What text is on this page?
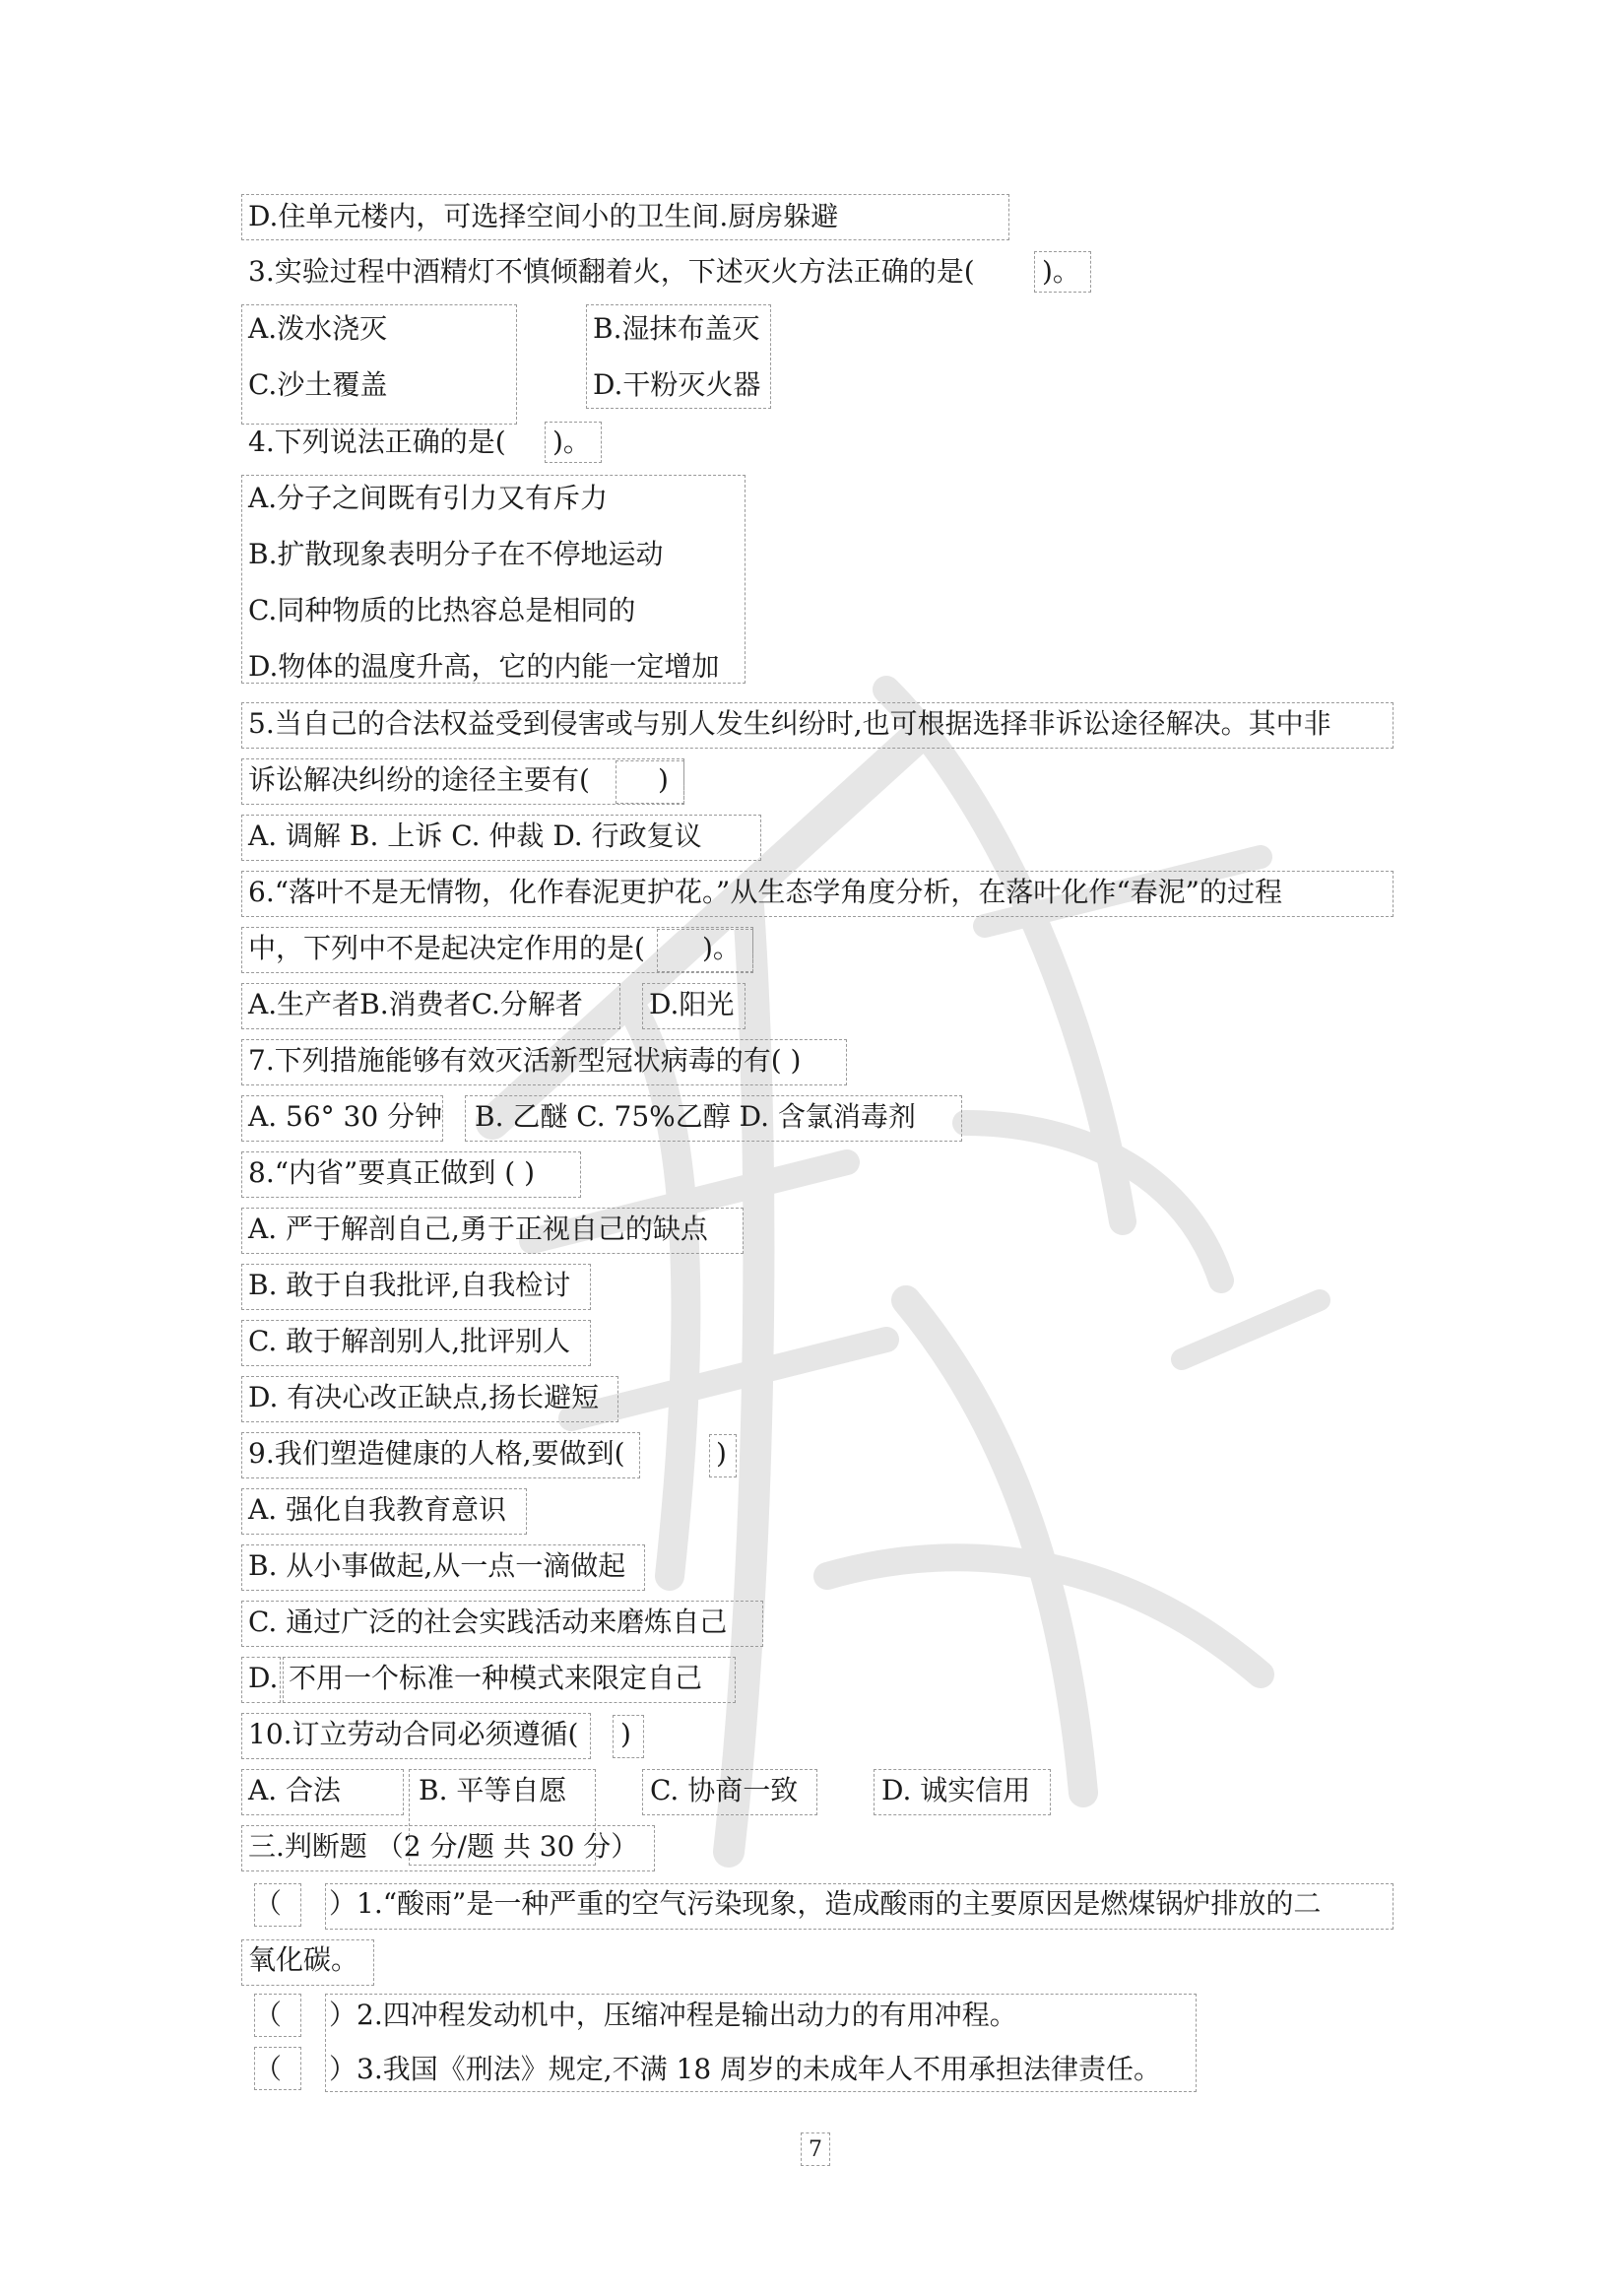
D.住单元楼内，可选择空间小的卫生间.厨房躲避
3.实验过程中酒精灯不慎倾翻着火，下述灭火方法正确的是( )。
A.泼水浇灭
C.沙土覆盖
B.湿抹布盖灭
D.干粉灭火器
4.下列说法正确的是( )。
A.分子之间既有引力又有斥力
B.扩散现象表明分子在不停地运动
C.同种物质的比热容总是相同的
D.物体的温度升高，它的内能一定增加
5.当自己的合法权益受到侵害或与别人发生纠纷时,也可根据选择非诉讼途径解决。其中非
诉讼解决纠纷的途径主要有( )
A. 调解 B. 上诉 C. 仲裁 D. 行政复议
6.“落叶不是无情物，化作春泥更护花。”从生态学角度分析，在落叶化作“春泥”的过程
中，下列中不是起决定作用的是( )。
A.生产者B.消费者C.分解者 D.阳光
7.下列措施能够有效灭活新型冠状病毒的有( )
A. 56° 30 分钟 B. 乙醚 C. 75%乙醇 D. 含氯消毒剂
8.“内省”要真正做到 ( )
A. 严于解剖自己,勇于正视自己的缺点
B. 敢于自我批评,自我检讨
C. 敢于解剖别人,批评别人
D. 有决心改正缺点,扬长避短
9.我们塑造健康的人格,要做到(	)
A. 强化自我教育意识
B. 从小事做起,从一点一滴做起
C. 通过广泛的社会实践活动来磨炼自己
D. 不用一个标准一种模式来限定自己
10.订立劳动合同必须遵循( )
A. 合法	B. 平等自愿	C. 协商一致	D. 诚实信用
三.判断题 （2 分/题 共 30 分）
（ ）1.“酸雨”是一种严重的空气污染现象，造成酸雨的主要原因是燃煤锅炉排放的二
氧化碳。
（
（
）2.四冲程发动机中，压缩冲程是输出动力的有用冲程。
）3.我国《刑法》规定,不满 18 周岁的未成年人不用承担法律责任。
7
